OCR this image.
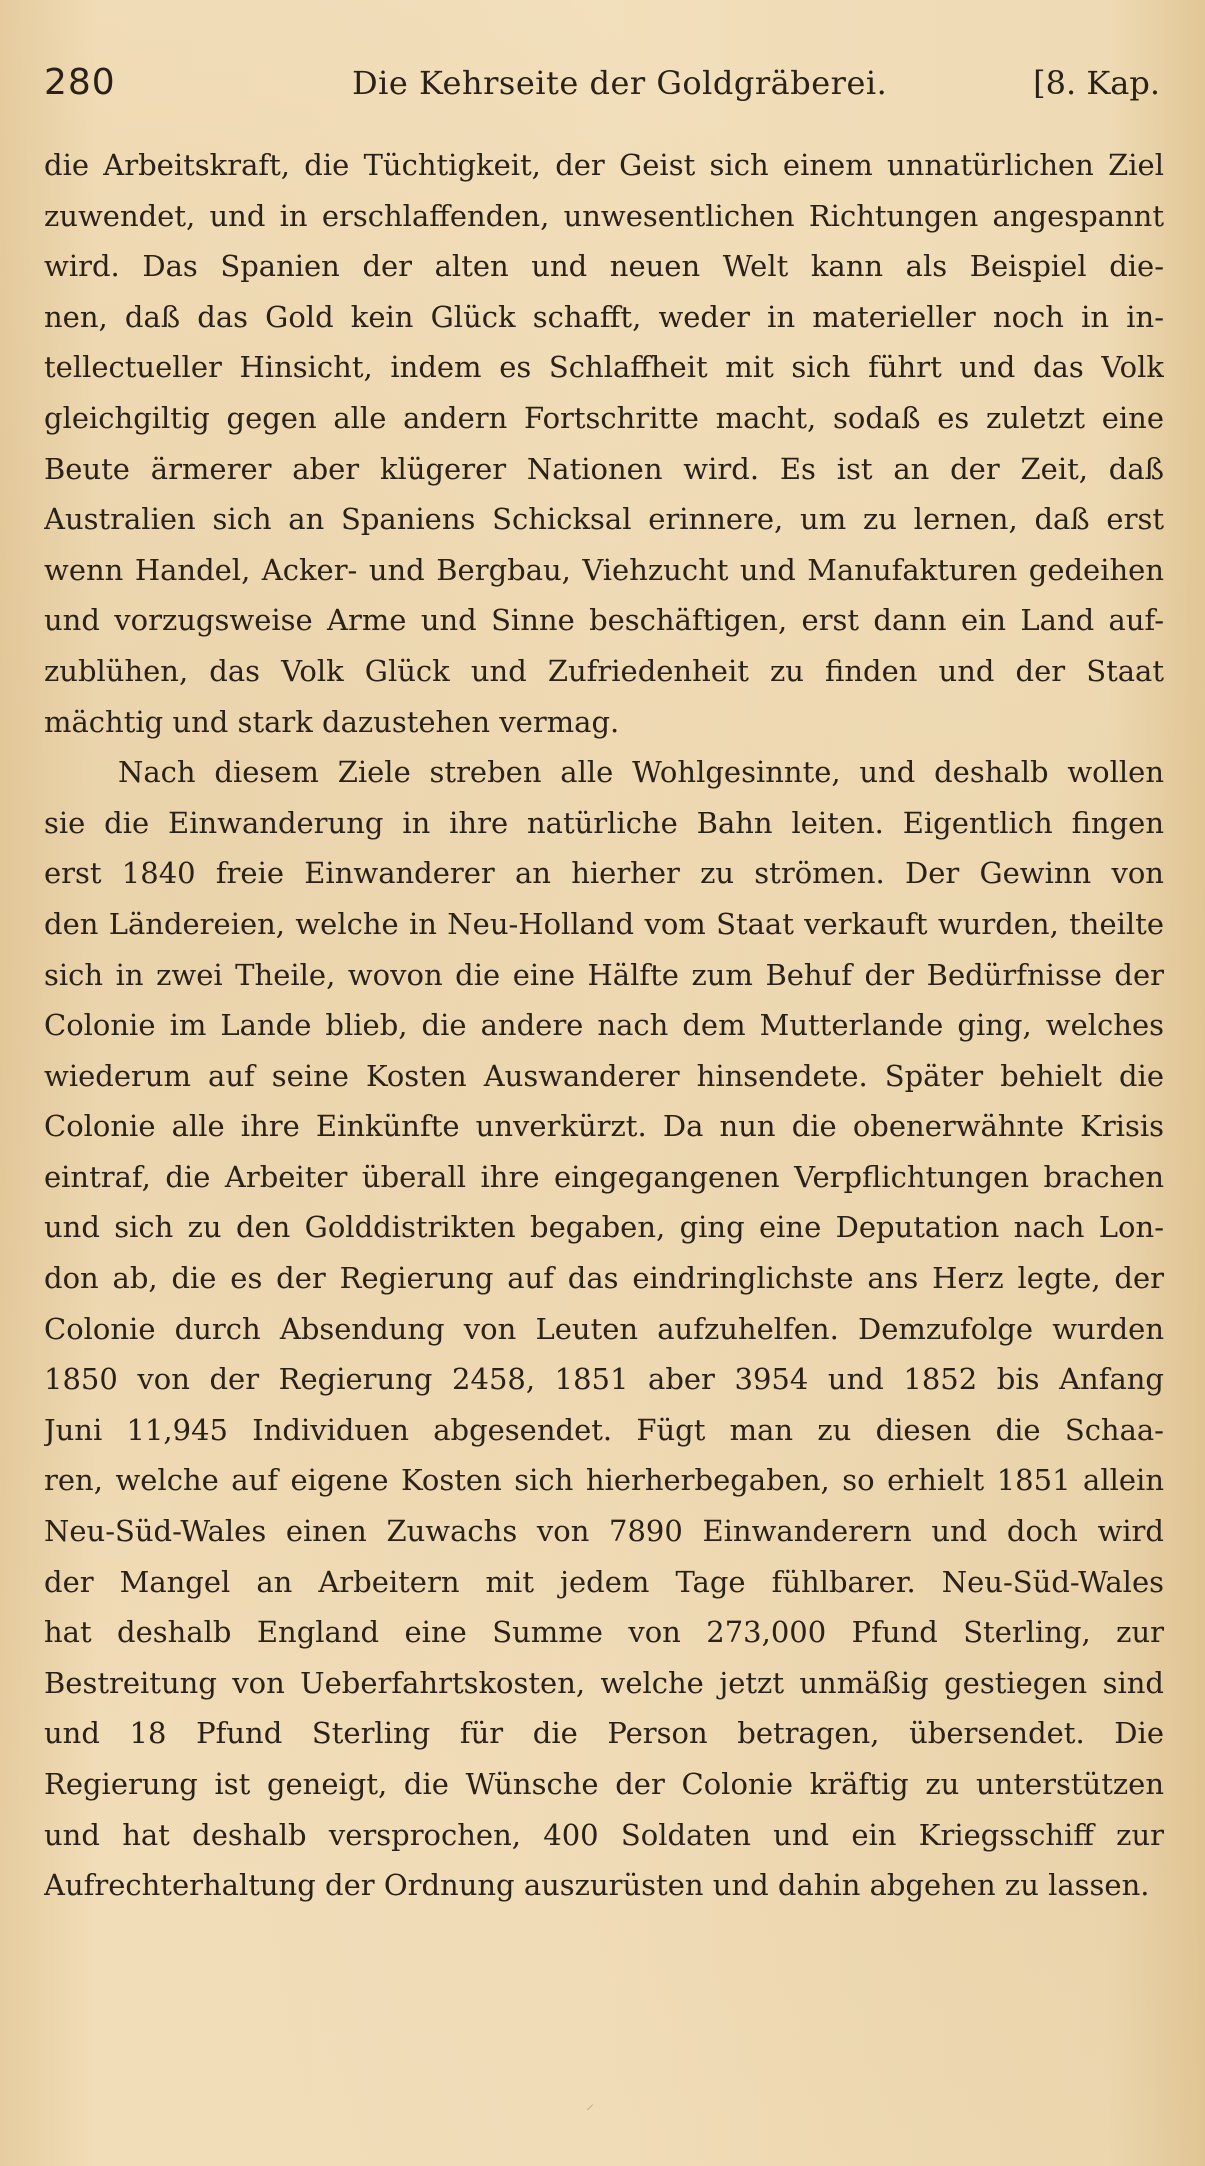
280	Die Kehrseite der Goldgräberei.	[8. Kap.
die Arbeitskraft, die Tüchtigkeit, der Geist sich einem unnatürlichen Ziel
zuwendet, und in erschlaffenden, unwesentlichen Richtungen angespannt
wird. Das Spanien der alten und neuen Welt kann als Beispiel die-
nen, daß das Gold kein Glück schafft, weder in materieller noch in in-
tellectueller Hinsicht, indem es Schlaffheit mit sich führt und das Volk
gleichgiltig gegen alle andern Fortschritte macht, sodaß es zuletzt eine
Beute ärmerer aber klügerer Nationen wird. Es ist an der Zeit, daß
Australien sich an Spaniens Schicksal erinnere, um zu lernen, daß erst
wenn Handel, Acker- und Bergbau, Viehzucht und Manufakturen gedeihen
und vorzugsweise Arme und Sinne beschäftigen, erst dann ein Land auf-
zublühen, das Volk Glück und Zufriedenheit zu finden und der Staat
mächtig und stark dazustehen vermag.
Nach diesem Ziele streben alle Wohlgesinnte, und deshalb wollen
sie die Einwanderung in ihre natürliche Bahn leiten. Eigentlich fingen
erst 1840 freie Einwanderer an hierher zu strömen. Der Gewinn von
den Ländereien, welche in Neu-Holland vom Staat verkauft wurden, theilte
sich in zwei Theile, wovon die eine Hälfte zum Behuf der Bedürfnisse der
Colonie im Lande blieb, die andere nach dem Mutterlande ging, welches
wiederum auf seine Kosten Auswanderer hinsendete. Später behielt die
Colonie alle ihre Einkünfte unverkürzt. Da nun die obenerwähnte Krisis
eintraf, die Arbeiter überall ihre eingegangenen Verpflichtungen brachen
und sich zu den Golddistrikten begaben, ging eine Deputation nach Lon-
don ab, die es der Regierung auf das eindringlichste ans Herz legte, der
Colonie durch Absendung von Leuten aufzuhelfen. Demzufolge wurden
1850 von der Regierung 2458, 1851 aber 3954 und 1852 bis Anfang
Juni 11,945 Individuen abgesendet. Fügt man zu diesen die Schaa-
ren, welche auf eigene Kosten sich hierherbegaben, so erhielt 1851 allein
Neu-Süd-Wales einen Zuwachs von 7890 Einwanderern und doch wird
der Mangel an Arbeitern mit jedem Tage fühlbarer. Neu-Süd-Wales
hat deshalb England eine Summe von 273,000 Pfund Sterling, zur
Bestreitung von Ueberfahrtskosten, welche jetzt unmäßig gestiegen sind
und 18 Pfund Sterling für die Person betragen, übersendet. Die
Regierung ist geneigt, die Wünsche der Colonie kräftig zu unterstützen
und hat deshalb versprochen, 400 Soldaten und ein Kriegsschiff zur
Aufrechterhaltung der Ordnung auszurüsten und dahin abgehen zu lassen.
⸝
